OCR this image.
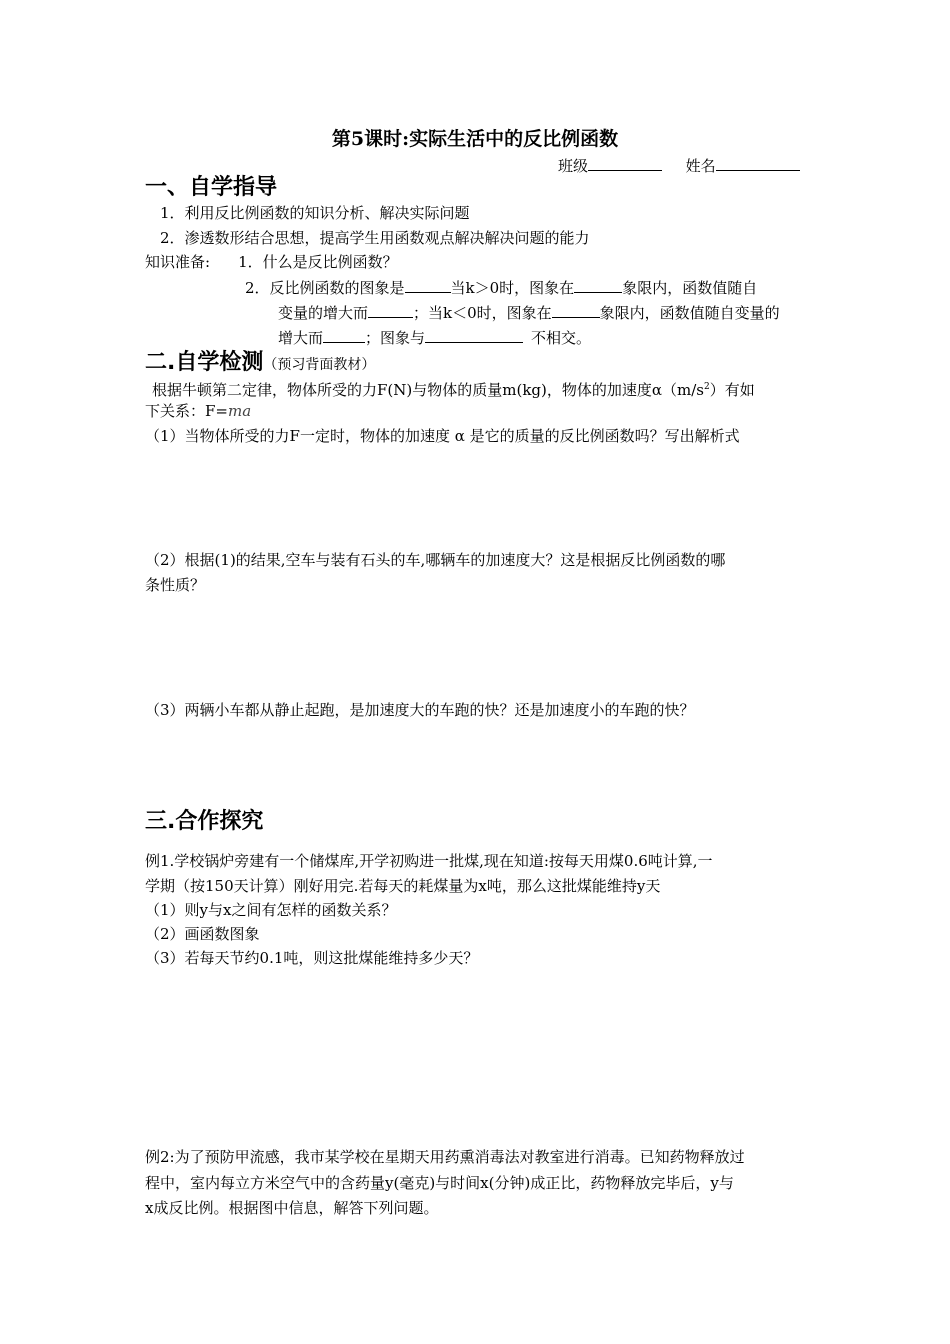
第5课时:实际生活中的反比例函数
班级	姓名
一、自学指导
1．利用反比例函数的知识分析、解决实际问题
2．渗透数形结合思想，提高学生用函数观点解决解决问题的能力
知识准备: 1．什么是反比例函数？
2．反比例函数的图象是	当k＞0时，图象在	象限内，函数值随自
变量的增大而	；当k＜0时，图象在	象限内，函数值随自变量的
增大而	；图象与	不相交。
二.自学检测（预习背面教材）
根据牛顿第二定律，物体所受的力F(N)与物体的质量m(kg)，物体的加速度$\alpha(m/s^2)$有如
下关系：F=ma
（1）当物体所受的力F一定时，物体的加速度 α 是它的质量的反比例函数吗？写出解析式
（2）根据(1)的结果,空车与装有石头的车,哪辆车的加速度大？这是根据反比例函数的哪
条性质？
（3）两辆小车都从静止起跑，是加速度大的车跑的快？还是加速度小的车跑的快？
三.合作探究
例1.学校锅炉旁建有一个储煤库,开学初购进一批煤,现在知道:按每天用煤0.6吨计算,一
学期（按150天计算）刚好用完.若每天的耗煤量为x吨，那么这批煤能维持y天
（1）则y与x之间有怎样的函数关系？
（2）画函数图象
（3）若每天节约0.1吨，则这批煤能维持多少天？
例2:为了预防甲流感，我市某学校在星期天用药熏消毒法对教室进行消毒。已知药物释放过
程中，室内每立方米空气中的含药量y(毫克)与时间x(分钟)成正比，药物释放完毕后，y与
x成反比例。根据图中信息，解答下列问题。
